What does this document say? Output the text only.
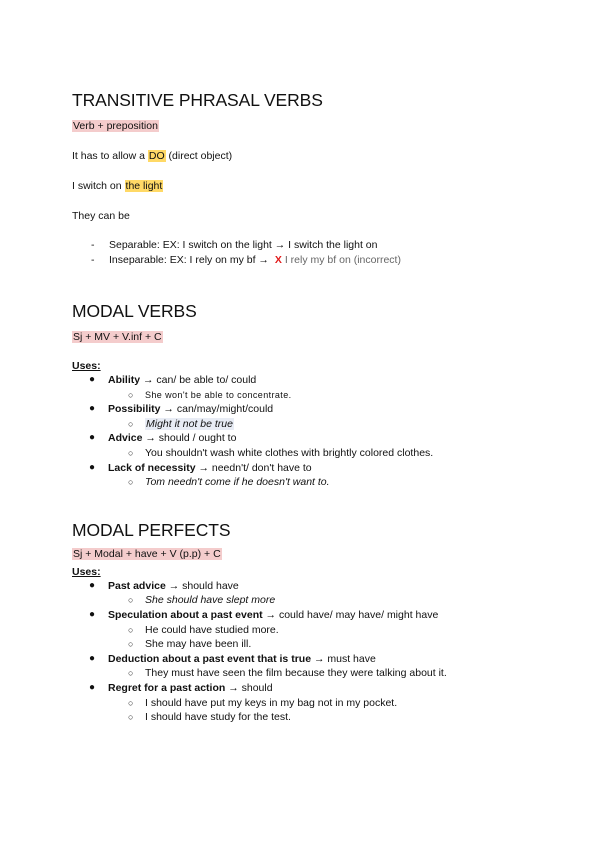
TRANSITIVE PHRASAL VERBS

Verb + preposition

It has to allow a DO (direct object)

I switch on the light

They can be

- Separable: EX: I switch on the light → I switch the light on
- Inseparable: EX: I rely on my bf → X I rely my bf on (incorrect)
MODAL VERBS

Sj + MV + V.inf + C

Uses:

● Ability → can/ be able to/ could
○ She won't be able to concentrate.
● Possibility → can/may/might/could
○ Might it not be true
● Advice → should / ought to
○ You shouldn't wash white clothes with brightly colored clothes.
● Lack of necessity → needn't/ don't have to
○ Tom needn't come if he doesn't want to.
MODAL PERFECTS

Sj + Modal + have + V (p.p) + C

Uses:

● Past advice → should have
○ She should have slept more
● Speculation about a past event → could have/ may have/ might have
○ He could have studied more.
○ She may have been ill.
● Deduction about a past event that is true → must have
○ They must have seen the film because they were talking about it.
● Regret for a past action → should
○ I should have put my keys in my bag not in my pocket.
○ I should have study for the test.
